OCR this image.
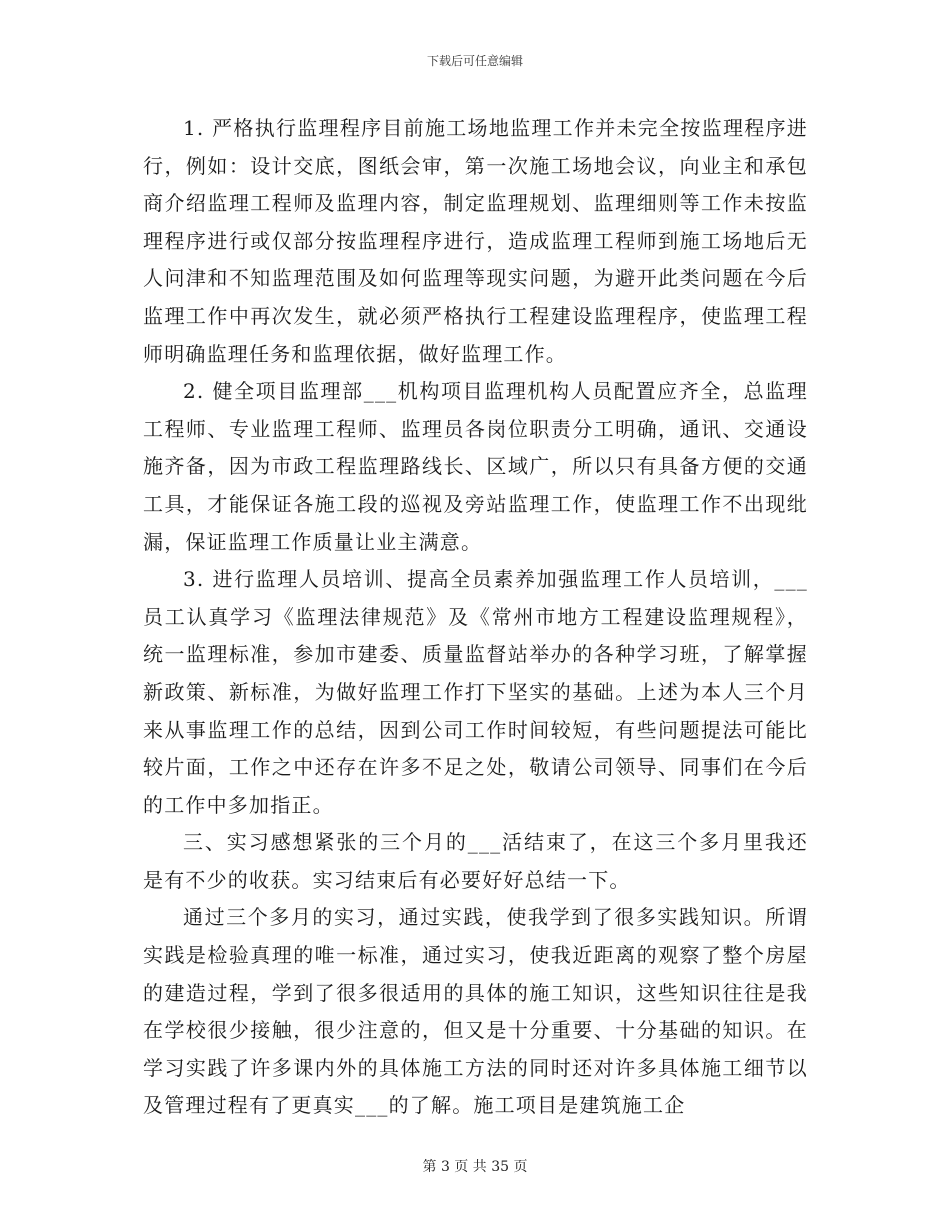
下载后可任意编辑

1. 严格执行监理程序目前施工场地监理工作并未完全按监理程序进行，例如：设计交底，图纸会审，第一次施工场地会议，向业主和承包商介绍监理工程师及监理内容，制定监理规划、监理细则等工作未按监理程序进行或仅部分按监理程序进行，造成监理工程师到施工场地后无人问津和不知监理范围及如何监理等现实问题，为避开此类问题在今后监理工作中再次发生，就必须严格执行工程建设监理程序，使监理工程师明确监理任务和监理依据，做好监理工作。

2. 健全项目监理部___机构项目监理机构人员配置应齐全，总监理工程师、专业监理工程师、监理员各岗位职责分工明确，通讯、交通设施齐备，因为市政工程监理路线长、区域广，所以只有具备方便的交通工具，才能保证各施工段的巡视及旁站监理工作，使监理工作不出现纰漏，保证监理工作质量让业主满意。

3. 进行监理人员培训、提高全员素养加强监理工作人员培训，___员工认真学习《监理法律规范》及《常州市地方工程建设监理规程》，统一监理标准，参加市建委、质量监督站举办的各种学习班，了解掌握新政策、新标准，为做好监理工作打下坚实的基础。上述为本人三个月来从事监理工作的总结，因到公司工作时间较短，有些问题提法可能比较片面，工作之中还存在许多不足之处，敬请公司领导、同事们在今后的工作中多加指正。

三、实习感想紧张的三个月的___活结束了，在这三个多月里我还是有不少的收获。实习结束后有必要好好总结一下。

通过三个多月的实习，通过实践，使我学到了很多实践知识。所谓实践是检验真理的唯一标准，通过实习，使我近距离的观察了整个房屋的建造过程，学到了很多很适用的具体的施工知识，这些知识往往是我在学校很少接触，很少注意的，但又是十分重要、十分基础的知识。在学习实践了许多课内外的具体施工方法的同时还对许多具体施工细节以及管理过程有了更真实___的了解。施工项目是建筑施工企

第 3 页 共 35 页
